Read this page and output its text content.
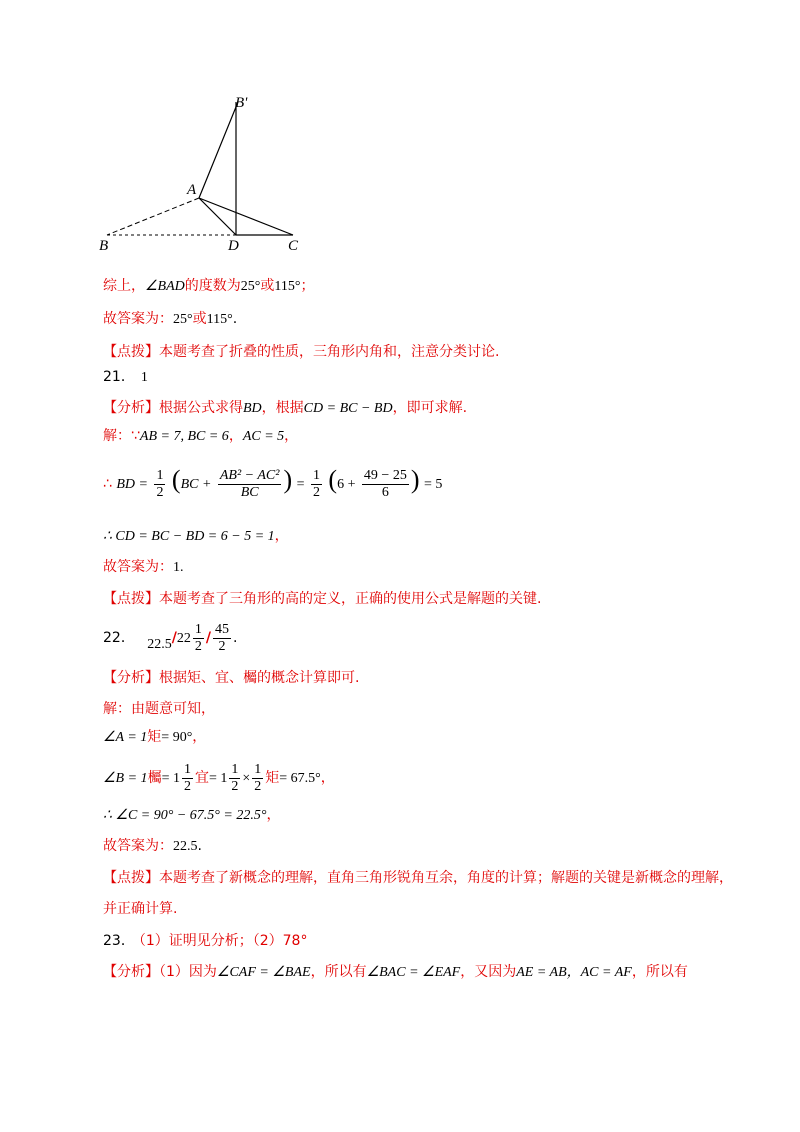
B'
A
B	D	C
综上，∠BAD的度数为25°或115°；
故答案为：25°或115°.
【点拨】本题考查了折叠的性质，三角形内角和，注意分类讨论.
21． 1
【分析】根据公式求得BD，根据CD = BC − BD，即可求解.
解：∵AB = 7, BC = 6，AC = 5，
∴ BD = $\frac{1}{2} (BC + \frac{\text{AB² − AC²}}{BC}$ ) = $\frac{1}{2} (6 + \frac{49 - 25}{6}$ ) = 5
∴ CD = BC − BD = 6 − 5 = 1，
故答案为：1.
【点拨】本题考查了三角形的高的定义，正确的使用公式是解题的关键.
22． $22.5/22 \frac{1}{2} / \frac{45}{2}$ .
【分析】根据矩、宜、欘的概念计算即可.
解：由题意可知，
∠A = 1矩= 90°，
∠B = 1欘= $1 \frac{1}{2}$ 宜= $1 \frac{1}{2} \times \frac{1}{2}$ 矩= 67.5°，
∴ ∠C = 90° − 67.5° = 22.5°，
故答案为：22.5.
【点拨】本题考查了新概念的理解，直角三角形锐角互余，角度的计算；解题的关键是新概念的理解，
并正确计算.
23． （1）证明见分析；（2）78°
【分析】（1）因为∠CAF = ∠BAE，所以有∠BAC = ∠EAF，又因为AE = AB，AC = AF，所以有
